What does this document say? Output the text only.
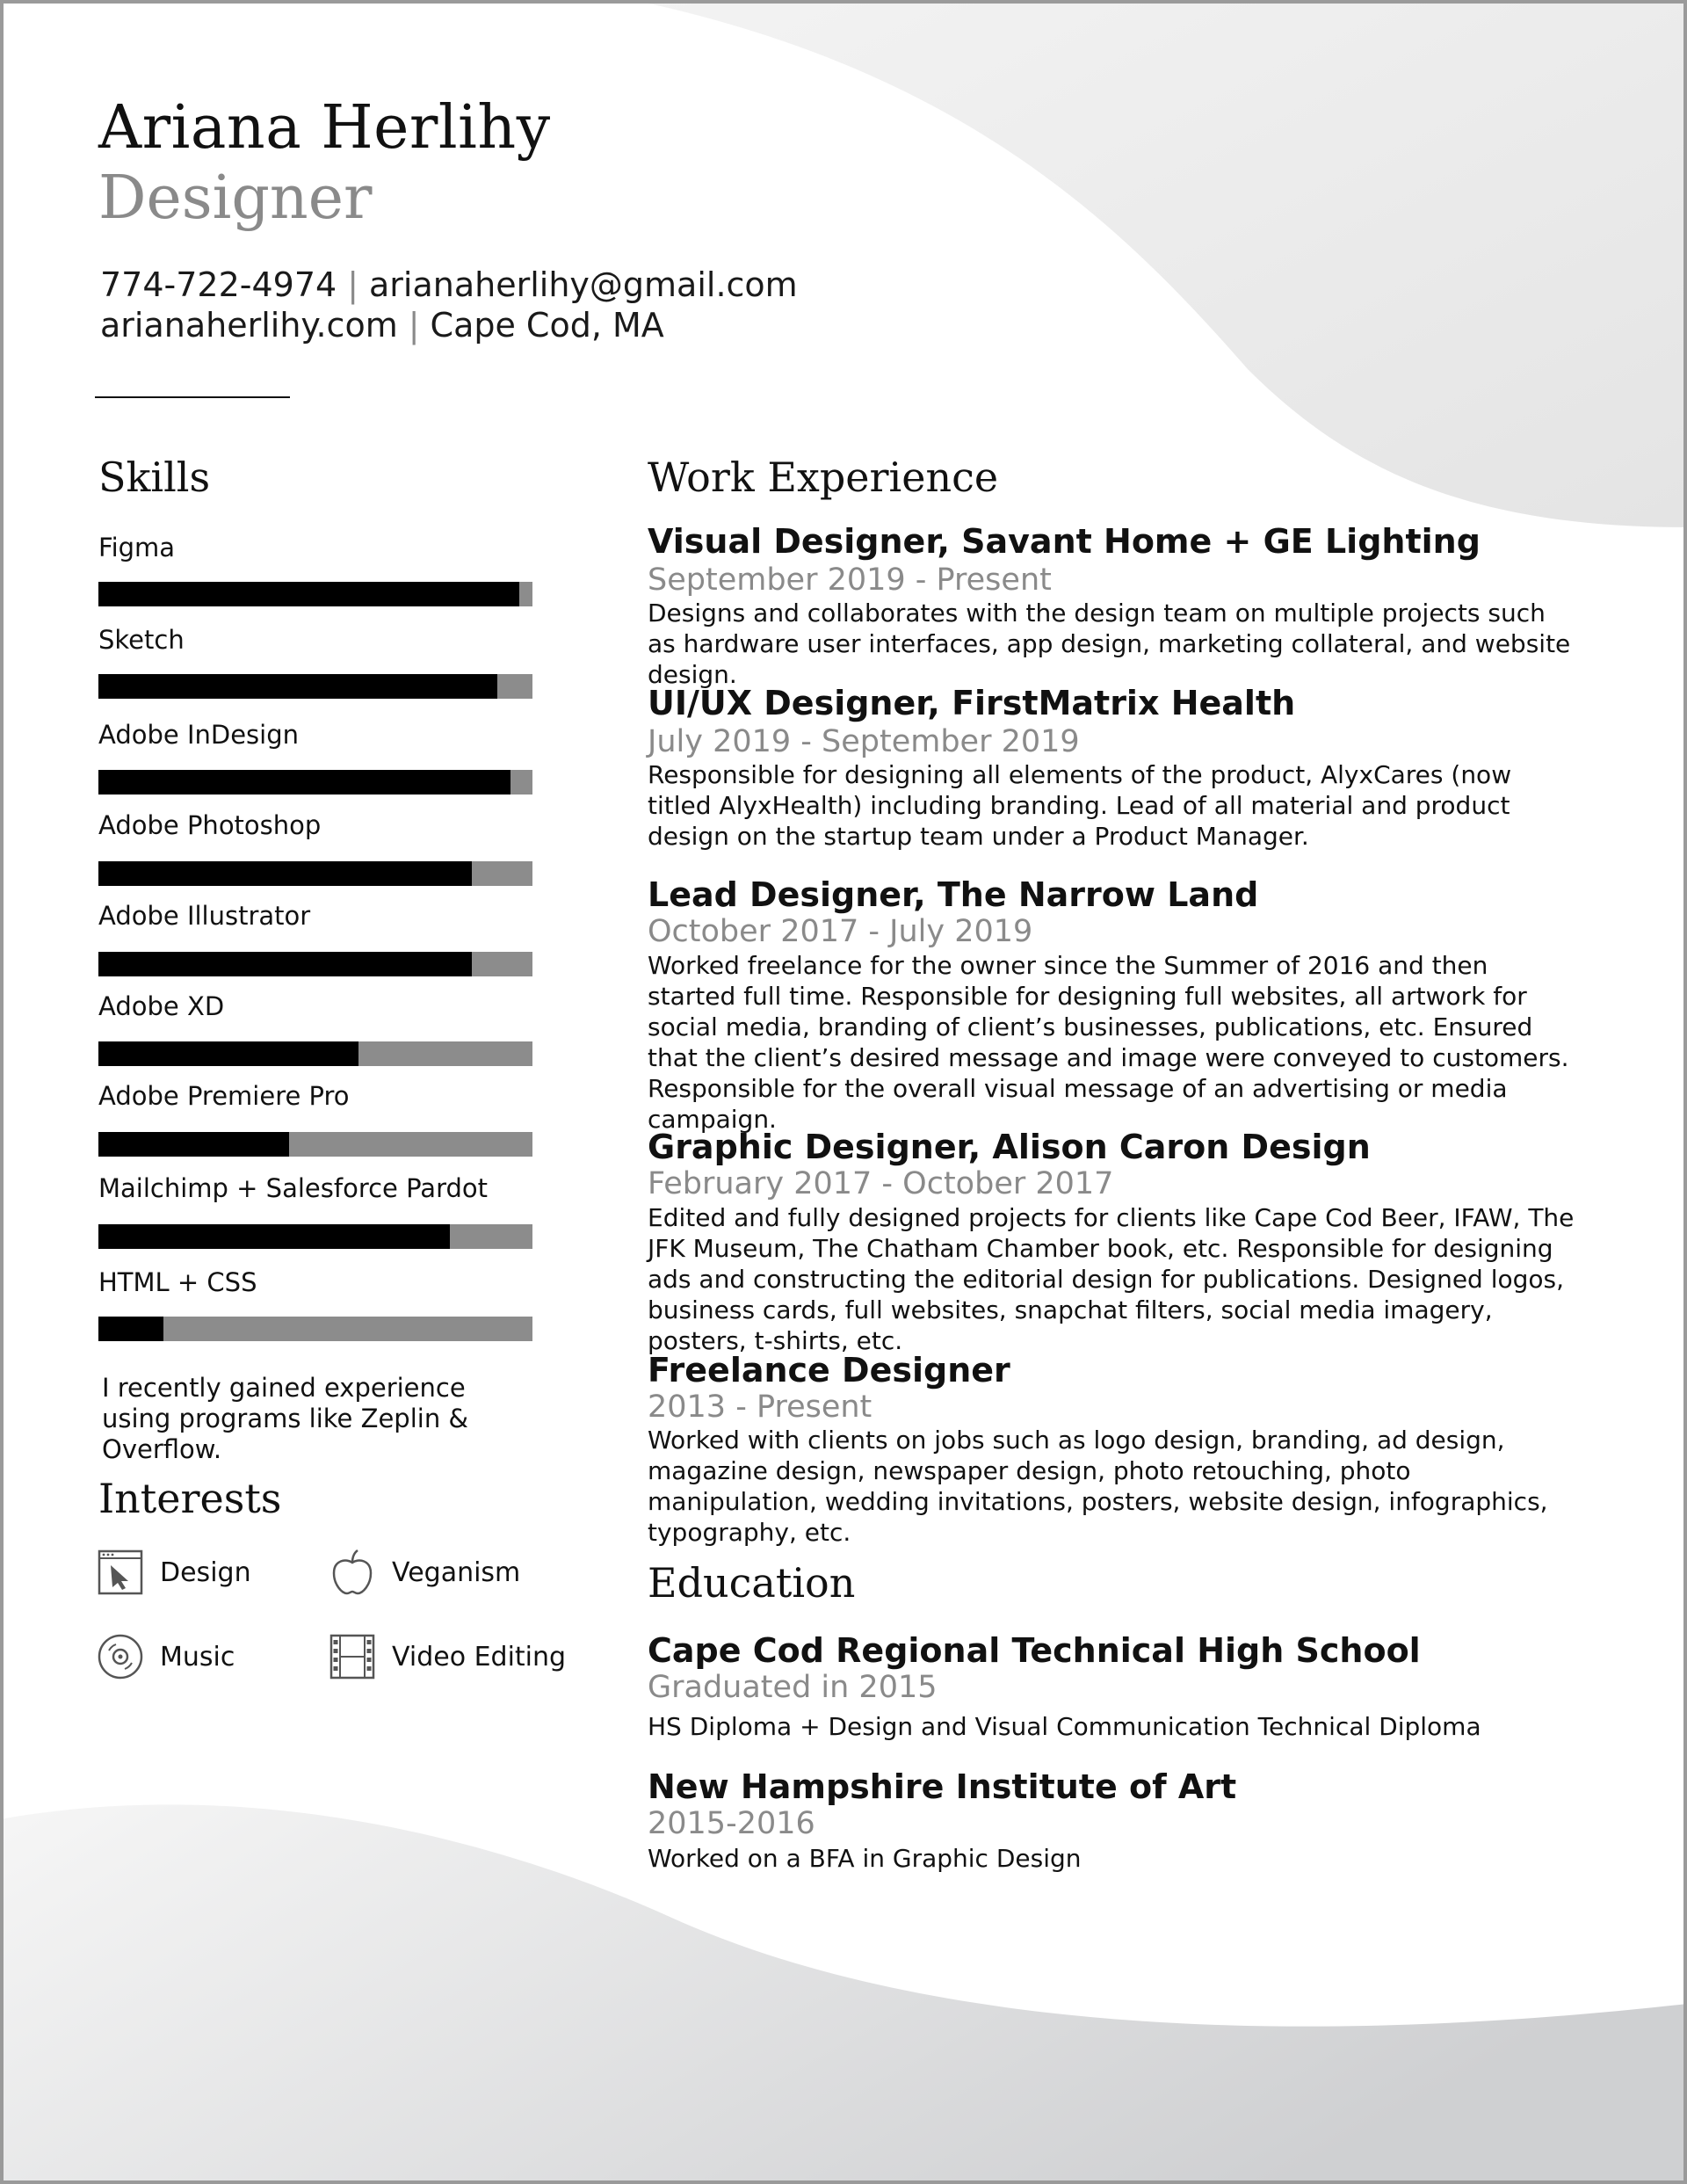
Ariana Herlihy
Designer
774-722-4974 | arianaherlihy@gmail.com
arianaherlihy.com | Cape Cod, MA
Skills
Figma
Sketch
Adobe InDesign
Adobe Photoshop
Adobe Illustrator
Adobe XD
Adobe Premiere Pro
Mailchimp + Salesforce Pardot
HTML + CSS
I recently gained experience using programs like Zeplin & Overflow.
Interests
Design	Veganism
Music	Video Editing
Work Experience
Visual Designer, Savant Home + GE Lighting
September 2019 - Present
Designs and collaborates with the design team on multiple projects such as hardware user interfaces, app design, marketing collateral, and website design.
UI/UX Designer, FirstMatrix Health
July 2019 - September 2019
Responsible for designing all elements of the product, AlyxCares (now titled AlyxHealth) including branding. Lead of all material and product design on the startup team under a Product Manager.
Lead Designer, The Narrow Land
October 2017 - July 2019
Worked freelance for the owner since the Summer of 2016 and then started full time. Responsible for designing full websites, all artwork for social media, branding of client’s businesses, publications, etc. Ensured that the client’s desired message and image were conveyed to customers. Responsible for the overall visual message of an advertising or media campaign.
Graphic Designer, Alison Caron Design
February 2017 - October 2017
Edited and fully designed projects for clients like Cape Cod Beer, IFAW, The JFK Museum, The Chatham Chamber book, etc. Responsible for designing ads and constructing the editorial design for publications. Designed logos, business cards, full websites, snapchat filters, social media imagery, posters, t-shirts, etc.
Freelance Designer
2013 - Present
Worked with clients on jobs such as logo design, branding, ad design, magazine design, newspaper design, photo retouching, photo manipulation, wedding invitations, posters, website design, infographics, typography, etc.
Education
Cape Cod Regional Technical High School
Graduated in 2015
HS Diploma + Design and Visual Communication Technical Diploma
New Hampshire Institute of Art
2015-2016
Worked on a BFA in Graphic Design
